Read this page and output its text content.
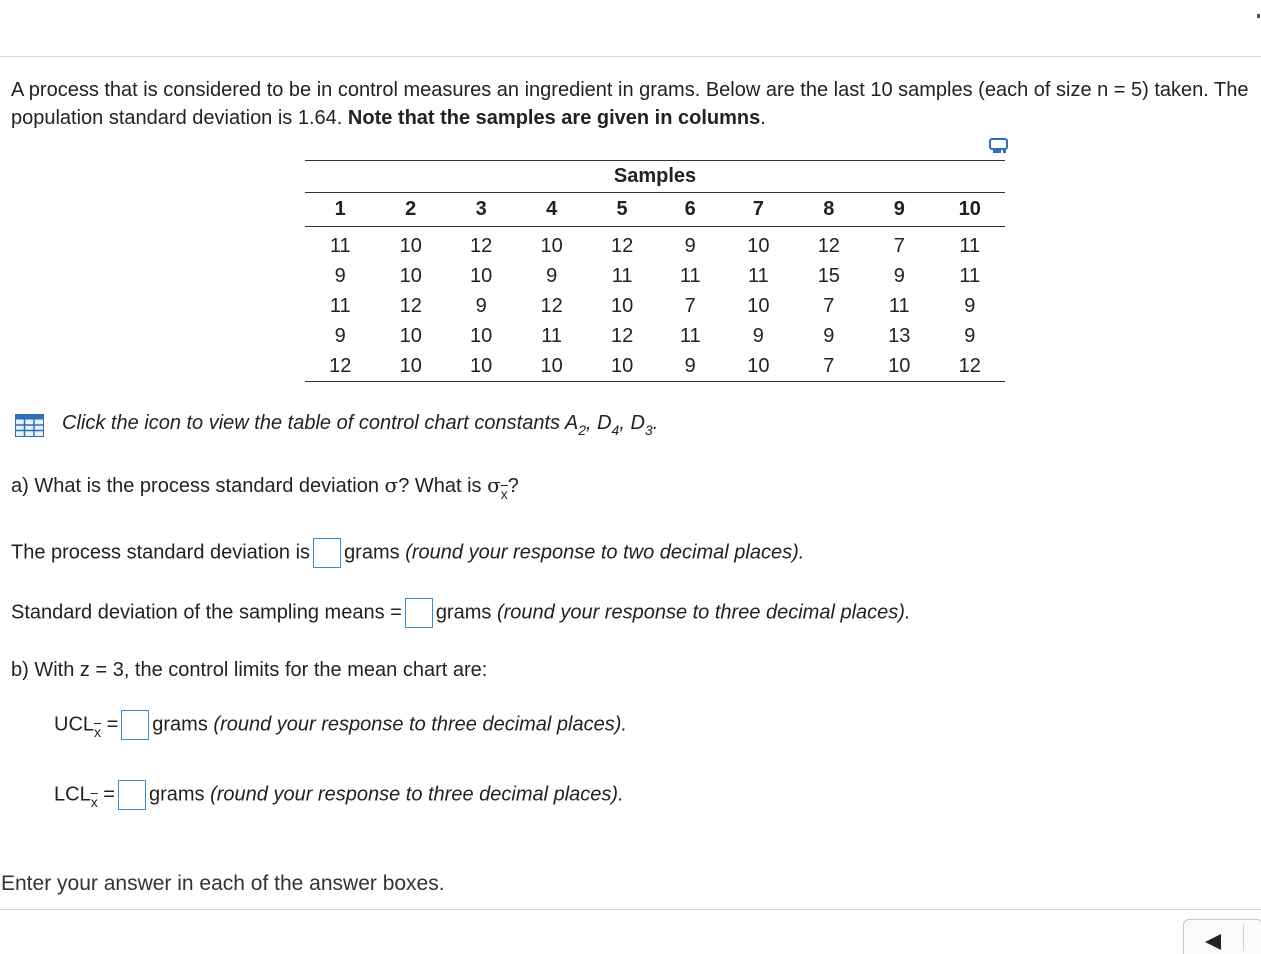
A process that is considered to be in control measures an ingredient in grams. Below are the last 10 samples (each of size n = 5) taken. The population standard deviation is 1.64. Note that the samples are given in columns.
Samples									
1	2	3	4	5	6	7	8	9	10
11	10	12	10	12	9	10	12	7	11
9	10	10	9	11	11	11	15	9	11
11	12	9	12	10	7	10	7	11	9
9	10	10	11	12	11	9	9	13	9
12	10	10	10	10	9	10	7	10	12
Click the icon to view the table of control chart constants $A_2$, $D_4$, $D_3$.
a) What is the process standard deviation σ? What is $\sigma_{\overline{x}}$?
The process standard deviation is grams (round your response to two decimal places).
Standard deviation of the sampling means = grams (round your response to three decimal places).
b) With z = 3, the control limits for the mean chart are:
$UCL_{\overline{x}}$ = grams (round your response to three decimal places).
$LCL_{\overline{x}}$ = grams (round your response to three decimal places).
Enter your answer in each of the answer boxes.
